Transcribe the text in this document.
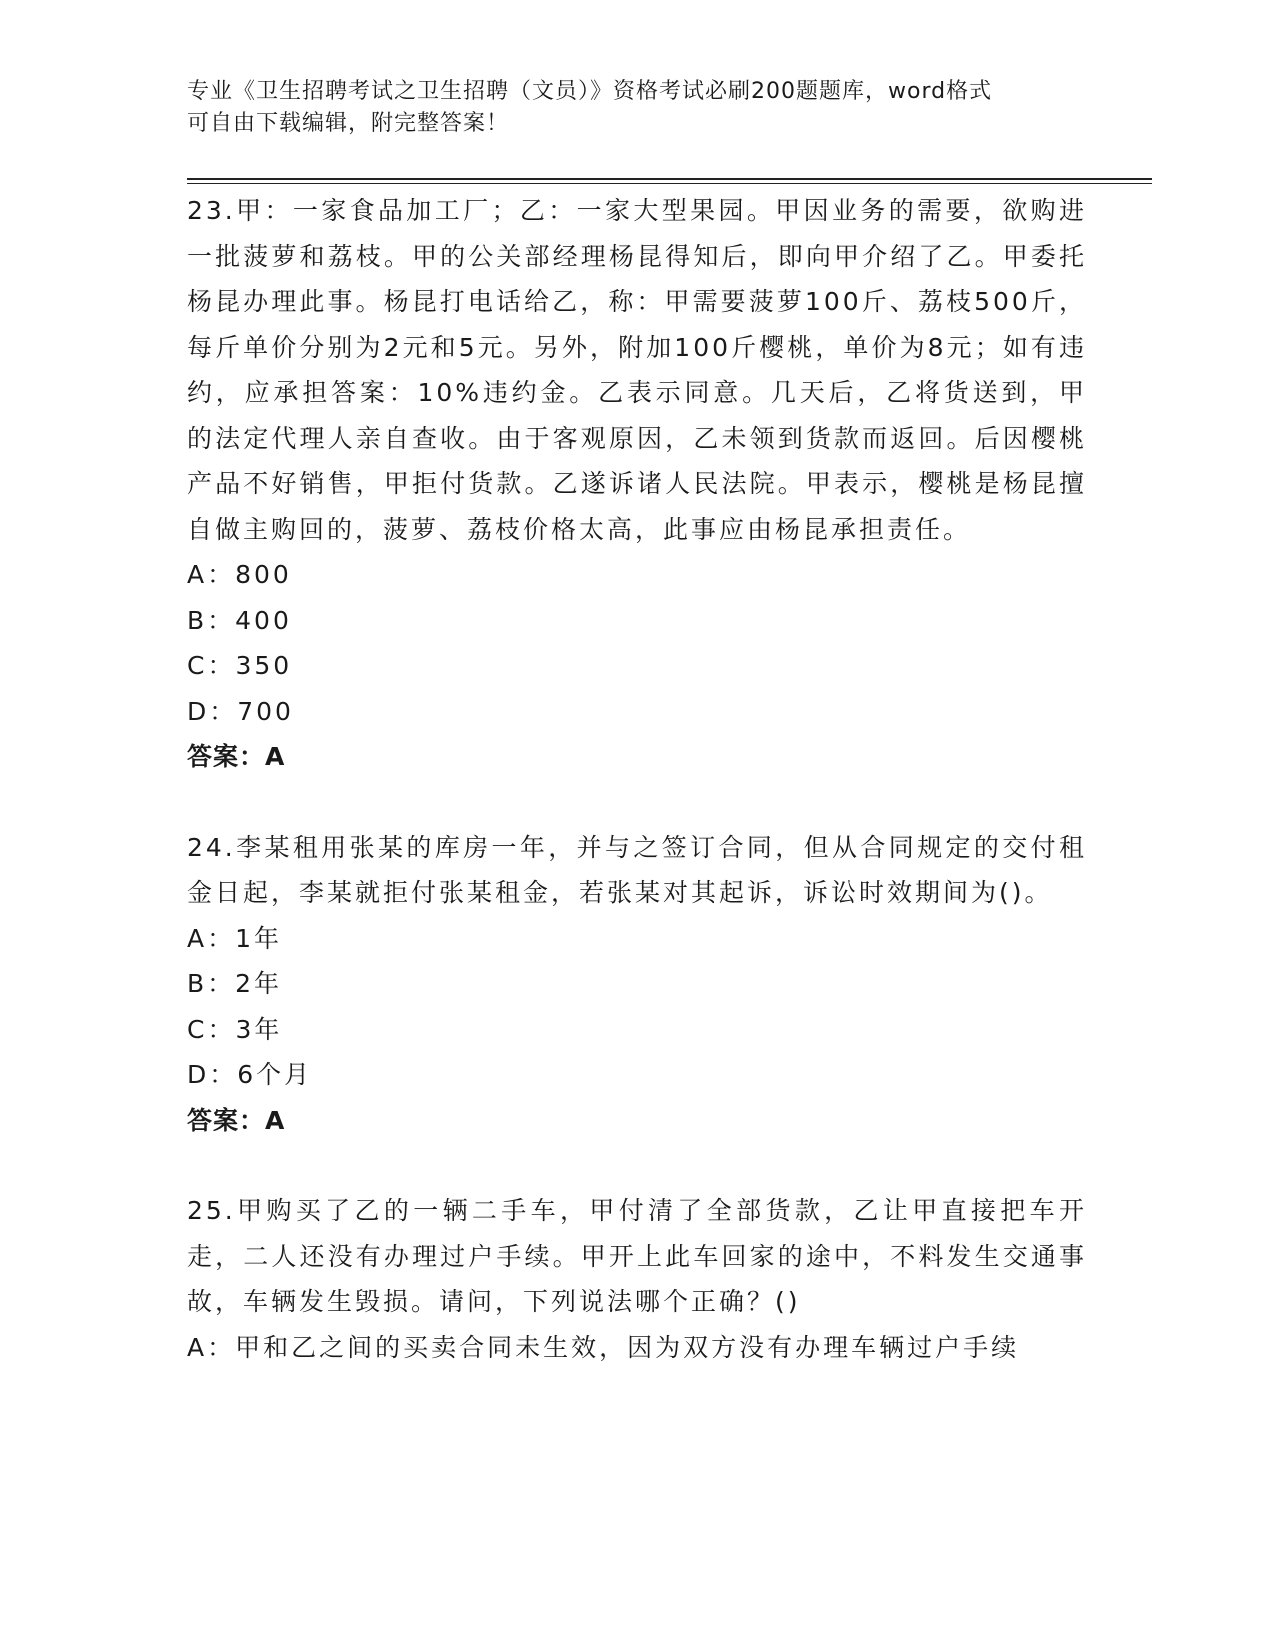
专业《卫生招聘考试之卫生招聘（文员）》资格考试必刷200题题库，word格式
可自由下载编辑，附完整答案！
23.甲：一家食品加工厂；乙：一家大型果园。甲因业务的需要，欲购进一批菠萝和荔枝。甲的公关部经理杨昆得知后，即向甲介绍了乙。甲委托杨昆办理此事。杨昆打电话给乙，称：甲需要菠萝100斤、荔枝500斤，每斤单价分别为2元和5元。另外，附加100斤樱桃，单价为8元；如有违约，应承担答案：10%违约金。乙表示同意。几天后，乙将货送到，甲的法定代理人亲自查收。由于客观原因，乙未领到货款而返回。后因樱桃产品不好销售，甲拒付货款。乙遂诉诸人民法院。甲表示，樱桃是杨昆擅自做主购回的，菠萝、荔枝价格太高，此事应由杨昆承担责任。
A：800
B：400
C：350
D：700
答案：A
24.李某租用张某的库房一年，并与之签订合同，但从合同规定的交付租金日起，李某就拒付张某租金，若张某对其起诉，诉讼时效期间为()。
A：1年
B：2年
C：3年
D：6个月
答案：A
25.甲购买了乙的一辆二手车，甲付清了全部货款，乙让甲直接把车开走，二人还没有办理过户手续。甲开上此车回家的途中，不料发生交通事故，车辆发生毁损。请问，下列说法哪个正确？()
A：甲和乙之间的买卖合同未生效，因为双方没有办理车辆过户手续
